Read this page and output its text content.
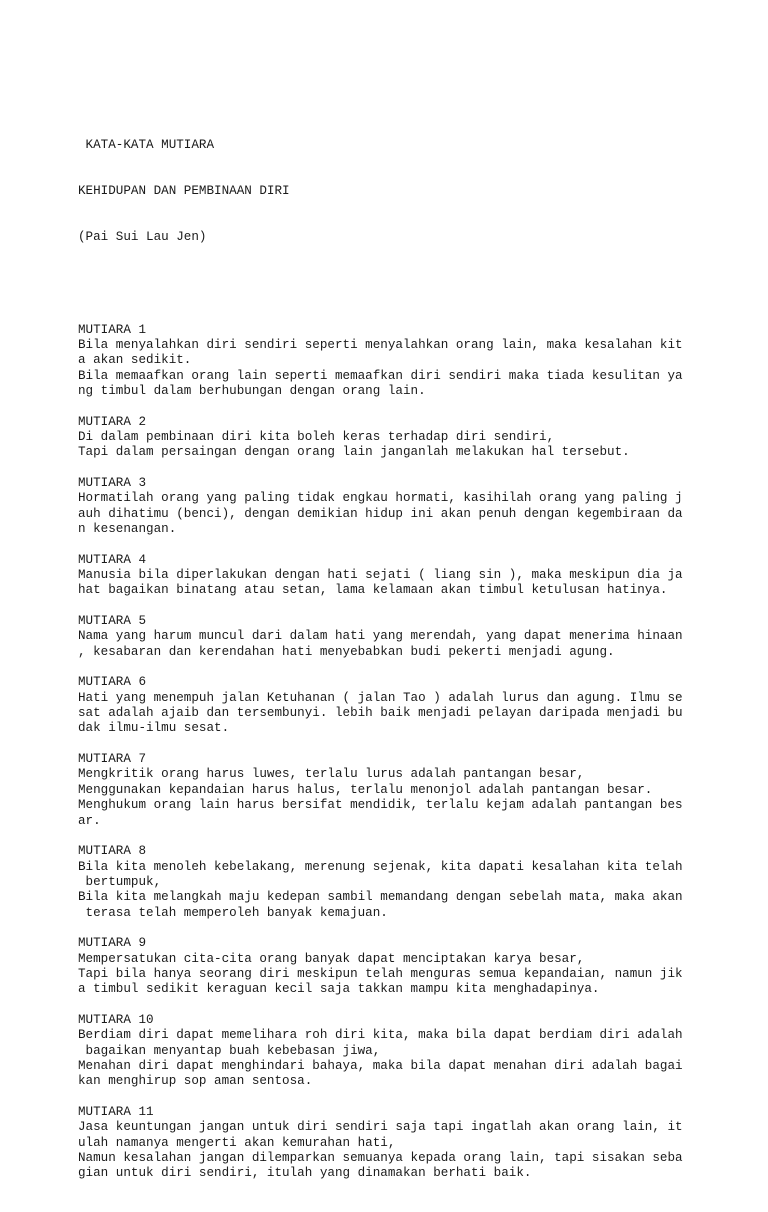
KATA-KATA MUTIARA

KEHIDUPAN DAN PEMBINAAN DIRI

(Pai Sui Lau Jen)

MUTIARA 1
Bila menyalahkan diri sendiri seperti menyalahkan orang lain, maka kesalahan kit
a akan sedikit.
Bila memaafkan orang lain seperti memaafkan diri sendiri maka tiada kesulitan ya
ng timbul dalam berhubungan dengan orang lain.
MUTIARA 2
Di dalam pembinaan diri kita boleh keras terhadap diri sendiri,
Tapi dalam persaingan dengan orang lain janganlah melakukan hal tersebut.
MUTIARA 3
Hormatilah orang yang paling tidak engkau hormati, kasihilah orang yang paling j
auh dihatimu (benci), dengan demikian hidup ini akan penuh dengan kegembiraan da
n kesenangan.
MUTIARA 4
Manusia bila diperlakukan dengan hati sejati ( liang sin ), maka meskipun dia ja
hat bagaikan binatang atau setan, lama kelamaan akan timbul ketulusan hatinya.
MUTIARA 5
Nama yang harum muncul dari dalam hati yang merendah, yang dapat menerima hinaan
, kesabaran dan kerendahan hati menyebabkan budi pekerti menjadi agung.
MUTIARA 6
Hati yang menempuh jalan Ketuhanan ( jalan Tao ) adalah lurus dan agung. Ilmu se
sat adalah ajaib dan tersembunyi. lebih baik menjadi pelayan daripada menjadi bu
dak ilmu-ilmu sesat.
MUTIARA 7
Mengkritik orang harus luwes, terlalu lurus adalah pantangan besar,
Menggunakan kepandaian harus halus, terlalu menonjol adalah pantangan besar.
Menghukum orang lain harus bersifat mendidik, terlalu kejam adalah pantangan bes
ar.
MUTIARA 8
Bila kita menoleh kebelakang, merenung sejenak, kita dapati kesalahan kita telah
bertumpuk,
Bila kita melangkah maju kedepan sambil memandang dengan sebelah mata, maka akan
terasa telah memperoleh banyak kemajuan.
MUTIARA 9
Mempersatukan cita-cita orang banyak dapat menciptakan karya besar,
Tapi bila hanya seorang diri meskipun telah menguras semua kepandaian, namun jik
a timbul sedikit keraguan kecil saja takkan mampu kita menghadapinya.
MUTIARA 10
Berdiam diri dapat memelihara roh diri kita, maka bila dapat berdiam diri adalah
bagaikan menyantap buah kebebasan jiwa,
Menahan diri dapat menghindari bahaya, maka bila dapat menahan diri adalah bagai
kan menghirup sop aman sentosa.
MUTIARA 11
Jasa keuntungan jangan untuk diri sendiri saja tapi ingatlah akan orang lain, it
ulah namanya mengerti akan kemurahan hati,
Namun kesalahan jangan dilemparkan semuanya kepada orang lain, tapi sisakan seba
gian untuk diri sendiri, itulah yang dinamakan berhati baik.
